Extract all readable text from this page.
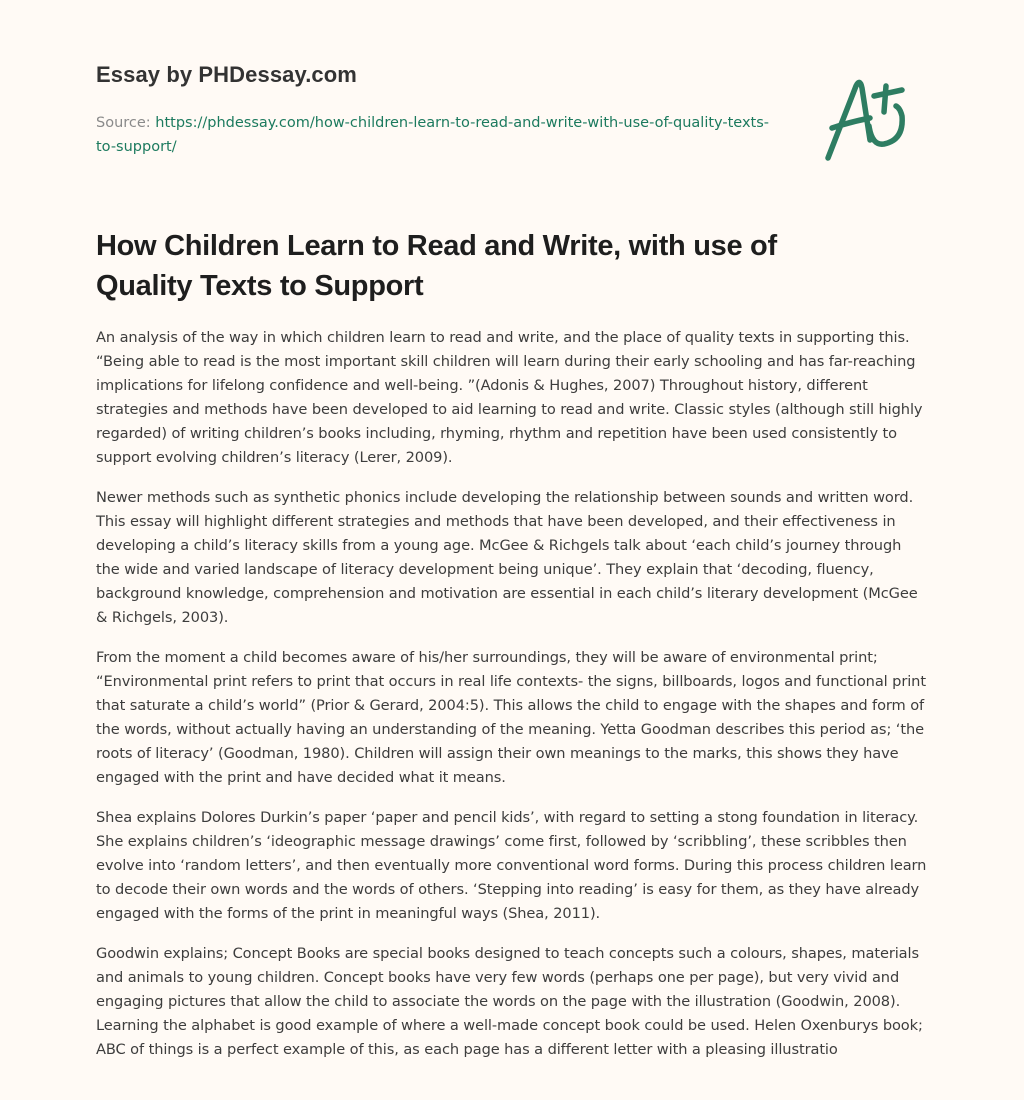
Essay by PHDessay.com
Source: https://phdessay.com/how-children-learn-to-read-and-write-with-use-of-quality-texts-to-support/
How Children Learn to Read and Write, with use of Quality Texts to Support

An analysis of the way in which children learn to read and write, and the place of quality texts in supporting this. “Being able to read is the most important skill children will learn during their early schooling and has far-reaching implications for lifelong confidence and well-being. ”(Adonis & Hughes, 2007) Throughout history, different strategies and methods have been developed to aid learning to read and write. Classic styles (although still highly regarded) of writing children’s books including, rhyming, rhythm and repetition have been used consistently to support evolving children’s literacy (Lerer, 2009).

Newer methods such as synthetic phonics include developing the relationship between sounds and written word. This essay will highlight different strategies and methods that have been developed, and their effectiveness in developing a child’s literacy skills from a young age. McGee & Richgels talk about ‘each child’s journey through the wide and varied landscape of literacy development being unique’. They explain that ‘decoding, fluency, background knowledge, comprehension and motivation are essential in each child’s literary development (McGee & Richgels, 2003).

From the moment a child becomes aware of his/her surroundings, they will be aware of environmental print; “Environmental print refers to print that occurs in real life contexts- the signs, billboards, logos and functional print that saturate a child’s world” (Prior & Gerard, 2004:5). This allows the child to engage with the shapes and form of the words, without actually having an understanding of the meaning. Yetta Goodman describes this period as; ‘the roots of literacy’ (Goodman, 1980). Children will assign their own meanings to the marks, this shows they have engaged with the print and have decided what it means.

Shea explains Dolores Durkin’s paper ‘paper and pencil kids’, with regard to setting a stong foundation in literacy. She explains children’s ‘ideographic message drawings’ come first, followed by ‘scribbling’, these scribbles then evolve into ‘random letters’, and then eventually more conventional word forms. During this process children learn to decode their own words and the words of others. ‘Stepping into reading’ is easy for them, as they have already engaged with the forms of the print in meaningful ways (Shea, 2011).

Goodwin explains; Concept Books are special books designed to teach concepts such a colours, shapes, materials and animals to young children. Concept books have very few words (perhaps one per page), but very vivid and engaging pictures that allow the child to associate the words on the page with the illustration (Goodwin, 2008). Learning the alphabet is good example of where a well-made concept book could be used. Helen Oxenburys book; ABC of things is a perfect example of this, as each page has a different letter with a pleasing illustratio
